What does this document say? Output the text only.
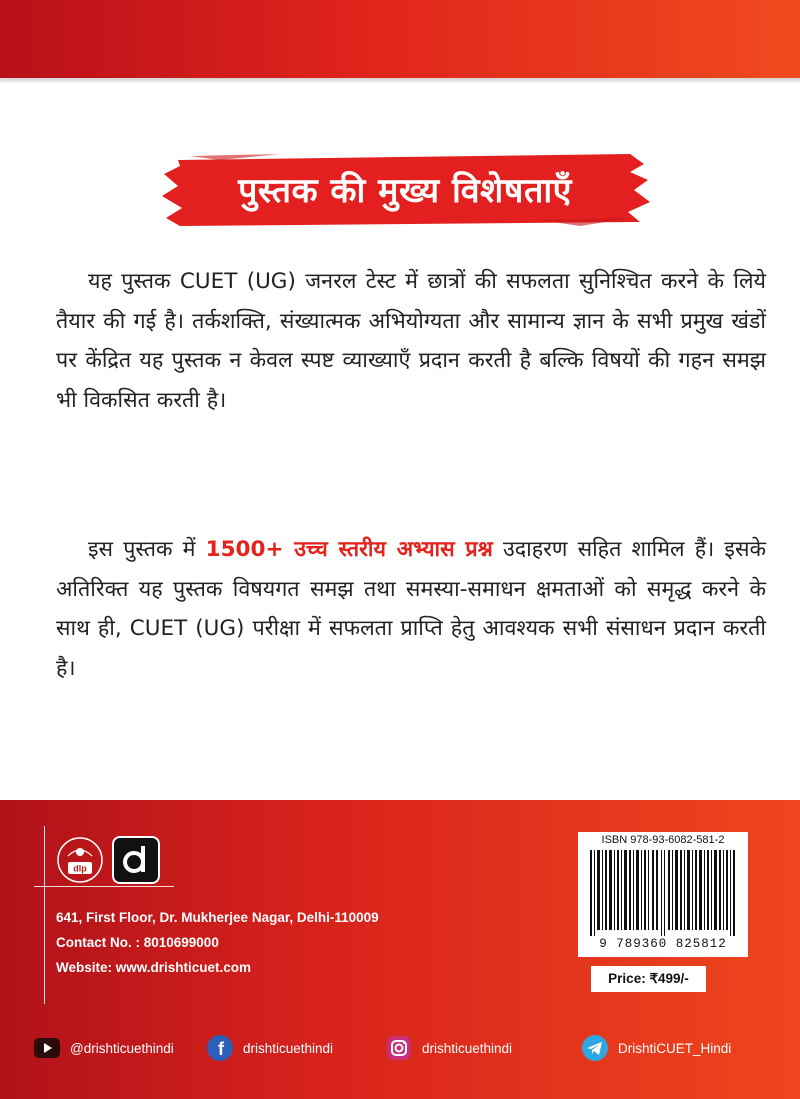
पुस्तक की मुख्य विशेषताएँ

यह पुस्तक CUET (UG) जनरल टेस्ट में छात्रों की सफलता सुनिश्चित करने के लिये तैयार की गई है। तर्कशक्ति, संख्यात्मक अभियोग्यता और सामान्य ज्ञान के सभी प्रमुख खंडों पर केंद्रित यह पुस्तक न केवल स्पष्ट व्याख्याएँ प्रदान करती है बल्कि विषयों की गहन समझ भी विकसित करती है।

इस पुस्तक में 1500+ उच्च स्तरीय अभ्यास प्रश्न उदाहरण सहित शामिल हैं। इसके अतिरिक्त यह पुस्तक विषयगत समझ तथा समस्या-समाधन क्षमताओं को समृद्ध करने के साथ ही, CUET (UG) परीक्षा में सफलता प्राप्ति हेतु आवश्यक सभी संसाधन प्रदान करती है।

dlp
641, First Floor, Dr. Mukherjee Nagar, Delhi-110009
Contact No. : 8010699000
Website: www.drishticuet.com
ISBN 978-93-6082-581-2
9 789360 825812
Price: ₹499/-
@drishticuethindi f drishticuethindi	drishticuethindi	DrishtiCUET_Hindi
